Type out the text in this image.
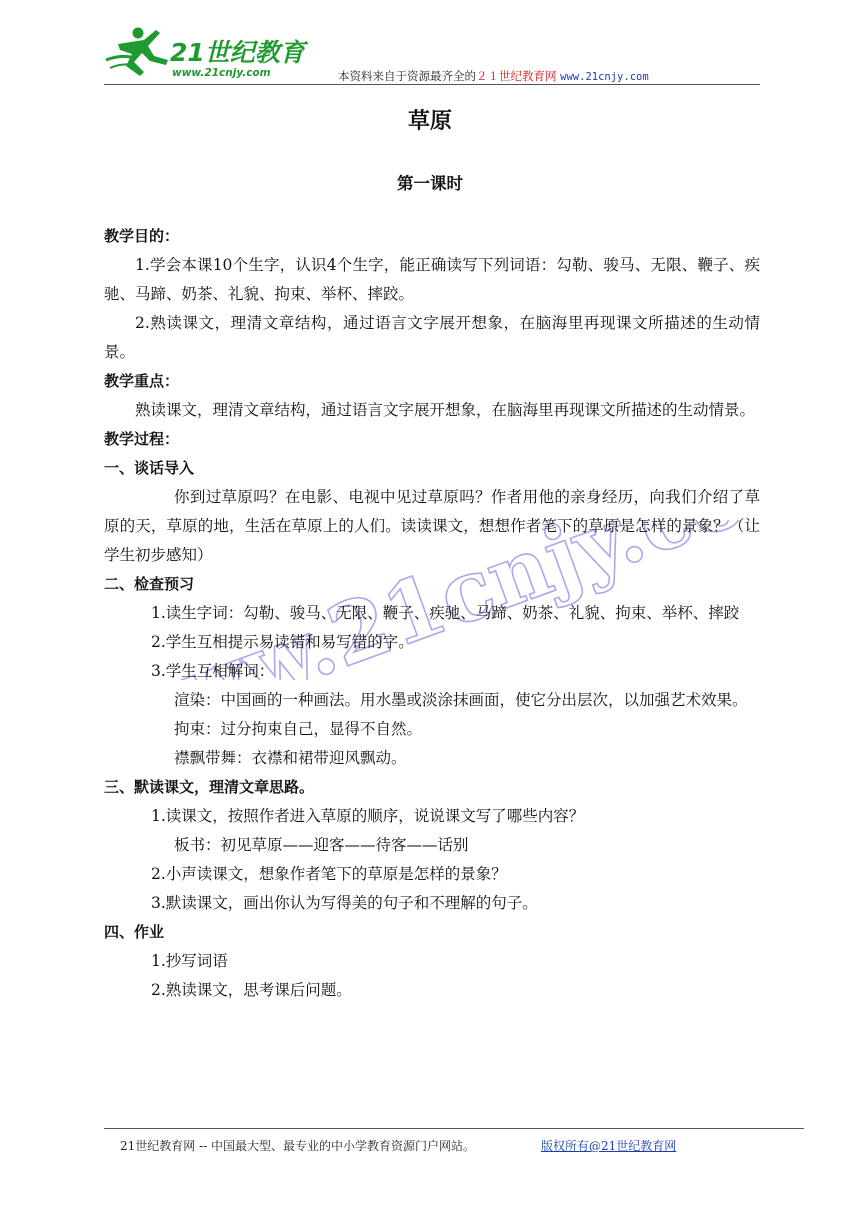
21世纪教育
www.21cnjy.com	本资料来自于资源最齐全的２１世纪教育网 www.21cnjy.com
草原
第一课时

教学目的：

1.学会本课10个生字，认识4个生字，能正确读写下列词语：勾勒、骏马、无限、鞭子、疾驰、马蹄、奶茶、礼貌、拘束、举杯、摔跤。

2.熟读课文，理清文章结构，通过语言文字展开想象，在脑海里再现课文所描述的生动情景。

教学重点：

熟读课文，理清文章结构，通过语言文字展开想象，在脑海里再现课文所描述的生动情景。

教学过程：

一、谈话导入

你到过草原吗？在电影、电视中见过草原吗？作者用他的亲身经历，向我们介绍了草原的天，草原的地，生活在草原上的人们。读读课文，想想作者笔下的草原是怎样的景象？（让学生初步感知）

二、检查预习

1.读生字词：勾勒、骏马、无限、鞭子、疾驰、马蹄、奶茶、礼貌、拘束、举杯、摔跤

2.学生互相提示易读错和易写错的字。

3.学生互相解词：

渲染：中国画的一种画法。用水墨或淡涂抹画面，使它分出层次，以加强艺术效果。

拘束：过分拘束自己，显得不自然。

襟飘带舞：衣襟和裙带迎风飘动。

三、默读课文，理清文章思路。

1.读课文，按照作者进入草原的顺序，说说课文写了哪些内容？

板书：初见草原——迎客——待客——话别

2.小声读课文，想象作者笔下的草原是怎样的景象？

3.默读课文，画出你认为写得美的句子和不理解的句子。

四、作业

1.抄写词语

2.熟读课文，思考课后问题。

21世纪教育网 -- 中国最大型、最专业的中小学教育资源门户网站。	版权所有@21世纪教育网
